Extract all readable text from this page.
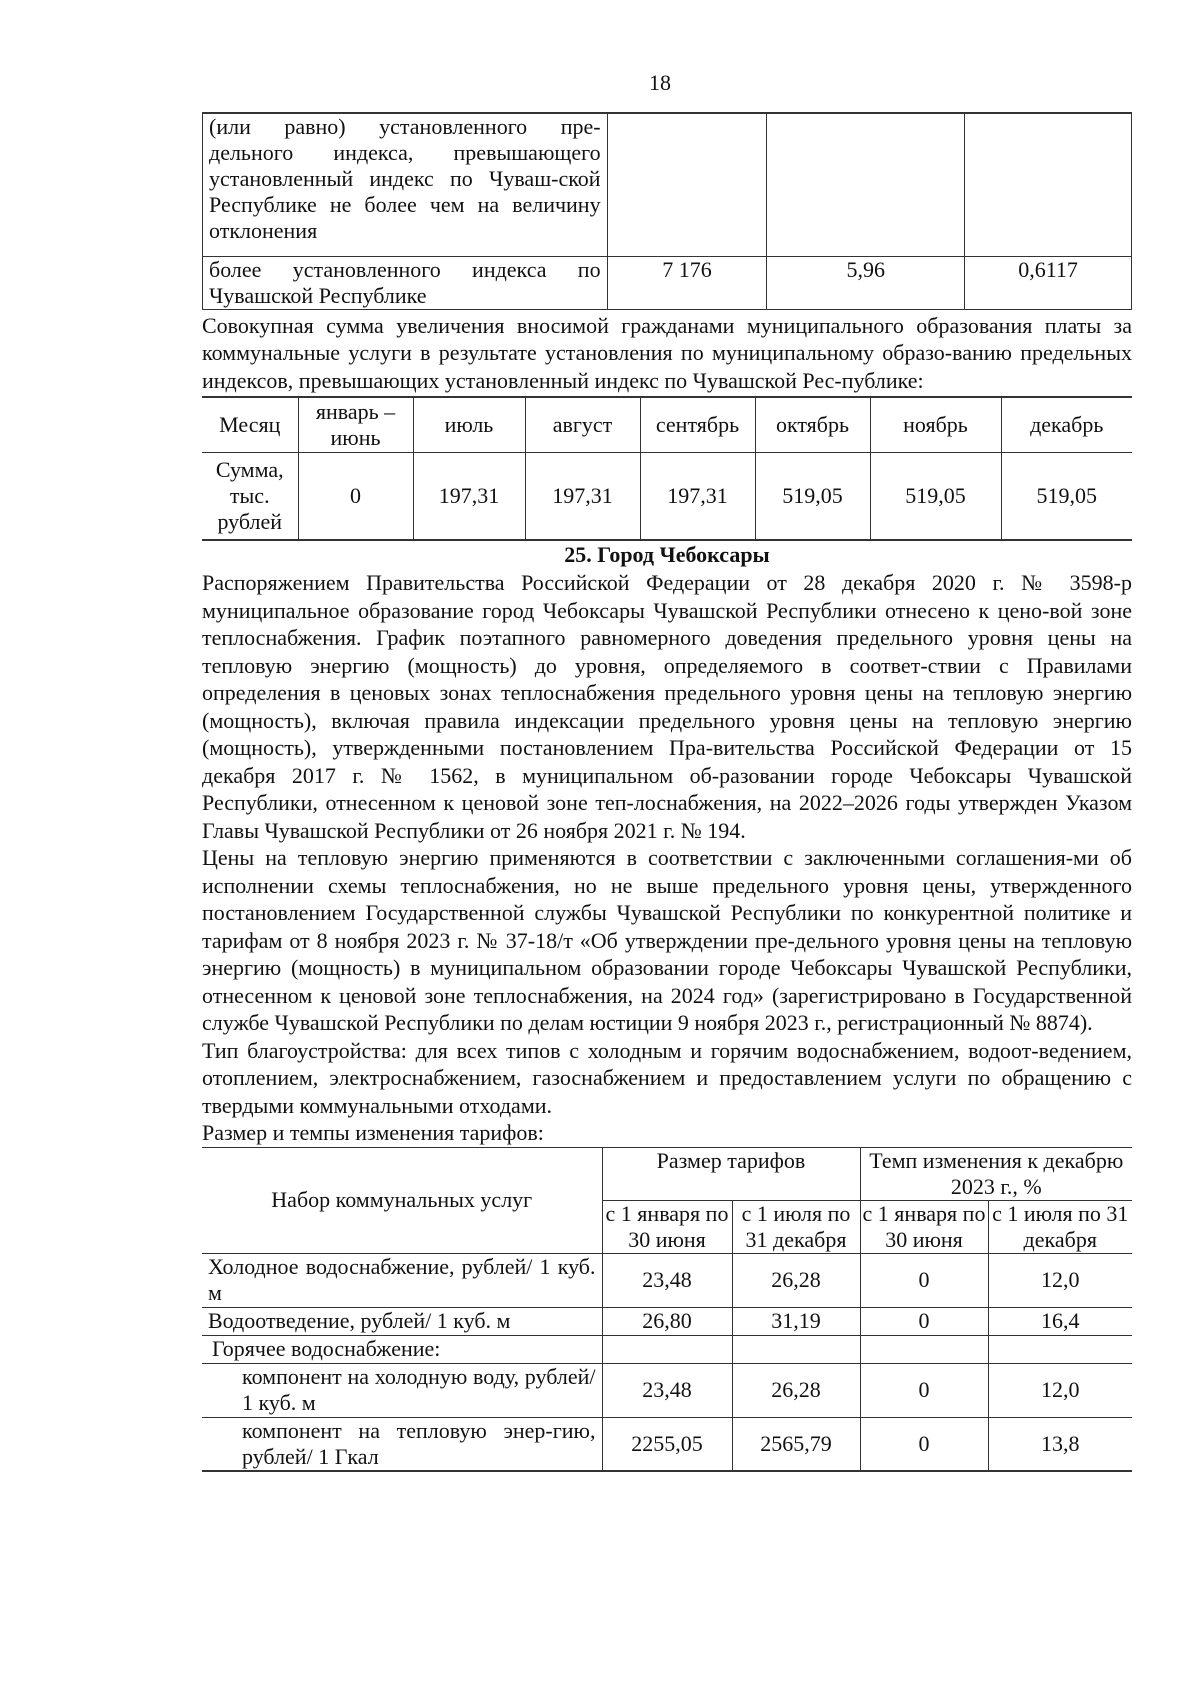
18
(или равно) установленного пре-дельного индекса, превышающего установленный индекс по Чуваш-ской Республике не более чем на величину отклонения			
более установленного индекса по Чувашской Республике	7 176	5,96	0,6117

Совокупная сумма увеличения вносимой гражданами муниципального образования платы за коммунальные услуги в результате установления по муниципальному образо-ванию предельных индексов, превышающих установленный индекс по Чувашской Рес-публике:

Месяц	январь – июнь	июль	август	сентябрь	октябрь	ноябрь	декабрь
Сумма, тыс. рублей	0	197,31	197,31	197,31	519,05	519,05	519,05
25. Город Чебоксары

Распоряжением Правительства Российской Федерации от 28 декабря 2020 г. № 3598-р муниципальное образование город Чебоксары Чувашской Республики отнесено к цено-вой зоне теплоснабжения. График поэтапного равномерного доведения предельного уровня цены на тепловую энергию (мощность) до уровня, определяемого в соответ-ствии с Правилами определения в ценовых зонах теплоснабжения предельного уровня цены на тепловую энергию (мощность), включая правила индексации предельного уровня цены на тепловую энергию (мощность), утвержденными постановлением Пра-вительства Российской Федерации от 15 декабря 2017 г. № 1562, в муниципальном об-разовании городе Чебоксары Чувашской Республики, отнесенном к ценовой зоне теп-лоснабжения, на 2022–2026 годы утвержден Указом Главы Чувашской Республики от 26 ноября 2021 г. № 194.

Цены на тепловую энергию применяются в соответствии с заключенными соглашения-ми об исполнении схемы теплоснабжения, но не выше предельного уровня цены, утвержденного постановлением Государственной службы Чувашской Республики по конкурентной политике и тарифам от 8 ноября 2023 г. № 37-18/т «Об утверждении пре-дельного уровня цены на тепловую энергию (мощность) в муниципальном образовании городе Чебоксары Чувашской Республики, отнесенном к ценовой зоне теплоснабжения, на 2024 год» (зарегистрировано в Государственной службе Чувашской Республики по делам юстиции 9 ноября 2023 г., регистрационный № 8874).

Тип благоустройства: для всех типов с холодным и горячим водоснабжением, водоот-ведением, отоплением, электроснабжением, газоснабжением и предоставлением услуги по обращению с твердыми коммунальными отходами.

Размер и темпы изменения тарифов:

Набор коммунальных услуг	Размер тарифов		Темп изменения к декабрю 2023 г., %	
	с 1 января по 30 июня	с 1 июля по 31 декабря	с 1 января по 30 июня	с 1 июля по 31 декабря
Холодное водоснабжение, рублей/ 1 куб. м	23,48	26,28	0	12,0
Водоотведение, рублей/ 1 куб. м	26,80	31,19	0	16,4
Горячее водоснабжение:				
компонент на холодную воду, рублей/ 1 куб. м	23,48	26,28	0	12,0
компонент на тепловую энер-гию, рублей/ 1 Гкал	2255,05	2565,79	0	13,8
